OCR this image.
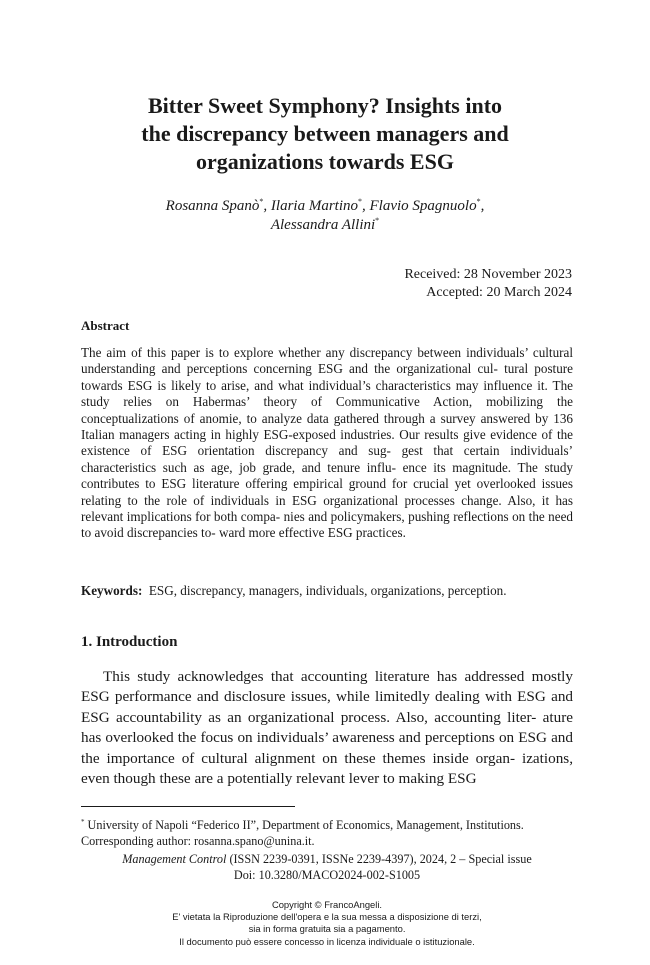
Bitter Sweet Symphony? Insights into
the discrepancy between managers and
organizations towards ESG
Rosanna Spanò*, Ilaria Martino*, Flavio Spagnuolo*,
Alessandra Allini*
Received: 28 November 2023
Accepted: 20 March 2024
Abstract
The aim of this paper is to explore whether any discrepancy between individuals’ cultural understanding and perceptions concerning ESG and the organizational cul- tural posture towards ESG is likely to arise, and what individual’s characteristics may influence it. The study relies on Habermas’ theory of Communicative Action, mobilizing the conceptualizations of anomie, to analyze data gathered through a survey answered by 136 Italian managers acting in highly ESG-exposed industries. Our results give evidence of the existence of ESG orientation discrepancy and sug- gest that certain individuals’ characteristics such as age, job grade, and tenure influ- ence its magnitude. The study contributes to ESG literature offering empirical ground for crucial yet overlooked issues relating to the role of individuals in ESG organizational processes change. Also, it has relevant implications for both compa- nies and policymakers, pushing reflections on the need to avoid discrepancies to- ward more effective ESG practices.
Keywords: ESG, discrepancy, managers, individuals, organizations, perception.
1. Introduction
This study acknowledges that accounting literature has addressed mostly ESG performance and disclosure issues, while limitedly dealing with ESG and ESG accountability as an organizational process. Also, accounting liter- ature has overlooked the focus on individuals’ awareness and perceptions on ESG and the importance of cultural alignment on these themes inside organ- izations, even though these are a potentially relevant lever to making ESG
* University of Napoli “Federico II”, Department of Economics, Management, Institutions.
Corresponding author: rosanna.spano@unina.it.
Management Control (ISSN 2239-0391, ISSNe 2239-4397), 2024, 2 – Special issue
Doi: 10.3280/MACO2024-002-S1005
Copyright © FrancoAngeli.
E' vietata la Riproduzione dell'opera e la sua messa a disposizione di terzi,
sia in forma gratuita sia a pagamento.
Il documento può essere concesso in licenza individuale o istituzionale.
